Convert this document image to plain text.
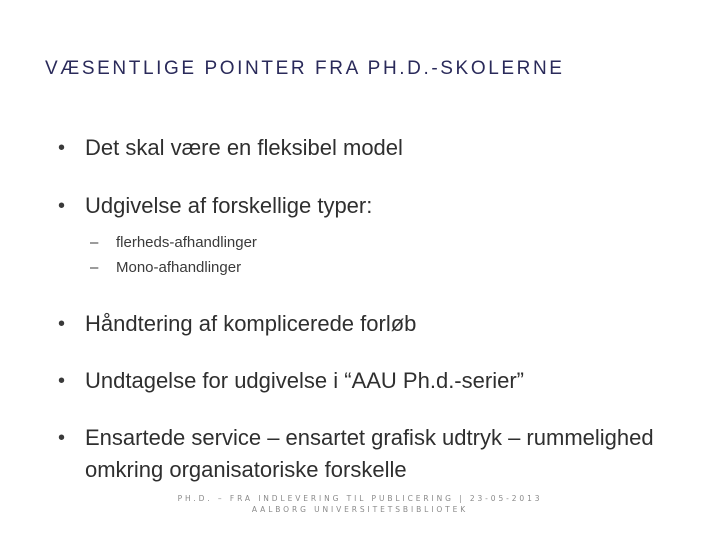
VÆSENTLIGE POINTER FRA PH.D.-SKOLERNE
• Det skal være en fleksibel model
• Udgivelse af forskellige typer:
– flerheds-afhandlinger
– Mono-afhandlinger
• Håndtering af komplicerede forløb
• Undtagelse for udgivelse i “AAU Ph.d.-serier”
• Ensartede service – ensartet grafisk udtryk – rummelighed omkring organisatoriske forskelle
PH.D. – FRA INDLEVERING TIL PUBLICERING | 23-05-2013
AALBORG UNIVERSITETSBIBLIOTEK
